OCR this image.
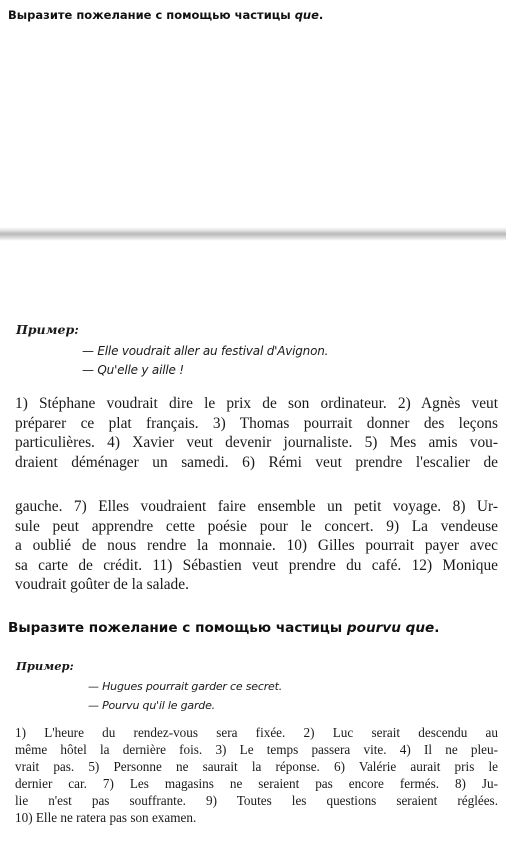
Выразите пожелание с помощью частицы que.

Пример:

— Elle voudrait aller au festival d'Avignon.

— Qu'elle y aille !

1) Stéphane voudrait dire le prix de son ordinateur. 2) Agnès veut
préparer ce plat français. 3) Thomas pourrait donner des leçons
particulières. 4) Xavier veut devenir journaliste. 5) Mes amis vou-
draient déménager un samedi. 6) Rémi veut prendre l'escalier de
gauche. 7) Elles voudraient faire ensemble un petit voyage. 8) Ur-
sule peut apprendre cette poésie pour le concert. 9) La vendeuse
a oublié de nous rendre la monnaie. 10) Gilles pourrait payer avec
sa carte de crédit. 11) Sébastien veut prendre du café. 12) Monique
voudrait goûter de la salade.
Выразите пожелание с помощью частицы pourvu que.

Пример:

— Hugues pourrait garder ce secret.

— Pourvu qu'il le garde.

1) L'heure du rendez-vous sera fixée. 2) Luc serait descendu au
même hôtel la dernière fois. 3) Le temps passera vite. 4) Il ne pleu-
vrait pas. 5) Personne ne saurait la réponse. 6) Valérie aurait pris le
dernier car. 7) Les magasins ne seraient pas encore fermés. 8) Ju-
lie n'est pas souffrante. 9) Toutes les questions seraient réglées.
10) Elle ne ratera pas son examen.
